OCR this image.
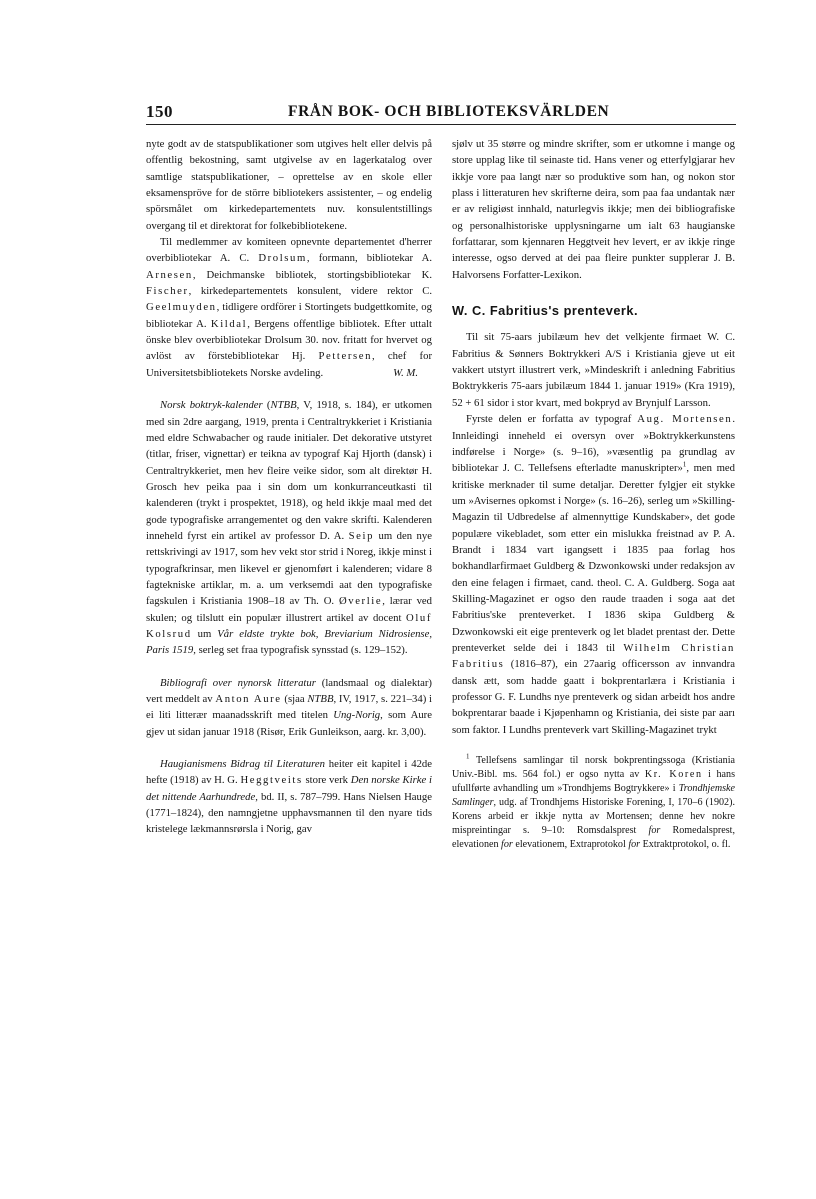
150	FRÅN BOK- OCH BIBLIOTEKSVÄRLDEN

nyte godt av de statspublikationer som utgives helt eller delvis på offentlig bekostning, samt utgivelse av en lagerkatalog over samtlige statspublikationer, – oprettelse av en skole eller eksamenspröve for de större bibliotekers assistenter, – og endelig spörsmålet om kirkedepartementets nuv. konsulentstillings overgang til et direktorat for folkebibliotekene.

Til medlemmer av komiteen opnevnte departementet d'herrer overbibliotekar A. C. Drolsum, formann, bibliotekar A. Arnesen, Deichmanske bibliotek, stortingsbibliotekar K. Fischer, kirkedepartementets konsulent, videre rektor C. Geelmuyden, tidligere ordförer i Stortingets budgettkomite, og bibliotekar A. Kildal, Bergens offentlige bibliotek. Efter uttalt önske blev overbibliotekar Drolsum 30. nov. fritatt for hvervet og avlöst av förstebibliotekar Hj. Pettersen, chef for Universitetsbibliotekets Norske avdeling.	W. M.

Norsk boktryk-kalender (NTBB, V, 1918, s. 184), er utkomen med sin 2dre aargang, 1919, prenta i Centraltrykkeriet i Kristiania med eldre Schwabacher og raude initialer. Det dekorative utstyret (titlar, friser, vignettar) er teikna av typograf Kaj Hjorth (dansk) i Centraltrykkeriet, men hev fleire veike sidor, som alt direktør H. Grosch hev peika paa i sin dom um konkurranceutkasti til kalenderen (trykt i prospektet, 1918), og held ikkje maal med det gode typografiske arrangementet og den vakre skrifti. Kalenderen inneheld fyrst ein artikel av professor D. A. Seip um den nye rettskrivingi av 1917, som hev vekt stor strid i Noreg, ikkje minst i typografkrinsar, men likevel er gjenomført i kalenderen; vidare 8 fagtekniske artiklar, m. a. um verksemdi aat den typografiske fagskulen i Kristiania 1908–18 av Th. O. Øverlie, lærar ved skulen; og tilslutt ein populær illustrert artikel av docent Oluf Kolsrud um Vår eldste trykte bok, Breviarium Nidrosiense, Paris 1519, serleg set fraa typografisk synsstad (s. 129–152).

Bibliografi over nynorsk litteratur (landsmaal og dialektar) vert meddelt av Anton Aure (sjaa NTBB, IV, 1917, s. 221–34) i ei liti litterær maanadsskrift med titelen Ung-Norig, som Aure gjev ut sidan januar 1918 (Risør, Erik Gunleikson, aarg. kr. 3,00).

Haugianismens Bidrag til Literaturen heiter eit kapitel i 42de hefte (1918) av H. G. Heggtveits store verk Den norske Kirke i det nittende Aarhundrede, bd. II, s. 787–799. Hans Nielsen Hauge (1771–1824), den namngjetne upphavsmannen til den nyare tids kristelege lækmannsrørsla i Norig, gav

sjølv ut 35 større og mindre skrifter, som er utkomne i mange og store upplag like til seinaste tid. Hans vener og etterfylgjarar hev ikkje vore paa langt nær so produktive som han, og nokon stor plass i litteraturen hev skrifterne deira, som paa faa undantak nær er av religiøst innhald, naturlegvis ikkje; men dei bibliografiske og personalhistoriske upplysningarne um ialt 63 haugianske forfattarar, som kjennaren Heggtveit hev levert, er av ikkje ringe interesse, ogso derved at dei paa fleire punkter supplerar J. B. Halvorsens Forfatter-Lexikon.

W. C. Fabritius's prenteverk.

Til sit 75-aars jubilæum hev det velkjente firmaet W. C. Fabritius & Sønners Boktrykkeri A/S i Kristiania gjeve ut eit vakkert utstyrt illustrert verk, »Mindeskrift i anledning Fabritius Boktrykkeris 75-aars jubilæum 1844 1. januar 1919» (Kra 1919), 52 + 61 sidor i stor kvart, med bokpryd av Brynjulf Larsson.

Fyrste delen er forfatta av typograf Aug. Mortensen. Innleidingi inneheld ei oversyn over »Boktrykkerkunstens indførelse i Norge» (s. 9–16), »væsentlig pa grundlag av bibliotekar J. C. Tellefsens efterladte manuskripter»$^1$, men med kritiske merknader til sume detaljar. Deretter fylgjer eit stykke um »Avisernes opkomst i Norge» (s. 16–26), serleg um »Skilling-Magazin til Udbredelse af almennyttige Kundskaber», det gode populære vikebladet, som etter ein mislukka freistnad av P. A. Brandt i 1834 vart igangsett i 1835 paa forlag hos bokhandlarfirmaet Guldberg & Dzwonkowski under redaksjon av den eine felagen i firmaet, cand. theol. C. A. Guldberg. Soga aat Skilling-Magazinet er ogso den raude traaden i soga aat det Fabritius'ske prenteverket. I 1836 skipa Guldberg & Dzwonkowski eit eige prenteverk og let bladet prentast der. Dette prenteverket selde dei i 1843 til Wilhelm Christian Fabritius (1816–87), ein 27aarig officersson av innvandra dansk ætt, som hadde gaatt i bokprentarlæra i Kristiania i professor G. F. Lundhs nye prenteverk og sidan arbeidt hos andre bokprentarar baade i Kjøpenhamn og Kristiania, dei siste par aarı som faktor. I Lundhs prenteverk vart Skilling-Magazinet trykt

$^1$ Tellefsens samlingar til norsk bokprentingssoga (Kristiania Univ.-Bibl. ms. 564 fol.) er ogso nytta av Kr. Koren i hans ufullførte avhandling um »Trondhjems Bogtrykkere» i Trondhjemske Samlinger, udg. af Trondhjems Historiske Forening, I, 170–6 (1902). Korens arbeid er ikkje nytta av Mortensen; denne hev nokre mispreintingar s. 9–10: Romsdalsprest for Romedalsprest, elevationen for elevationem, Extraprotokol for Extraktprotokol, o. fl.
